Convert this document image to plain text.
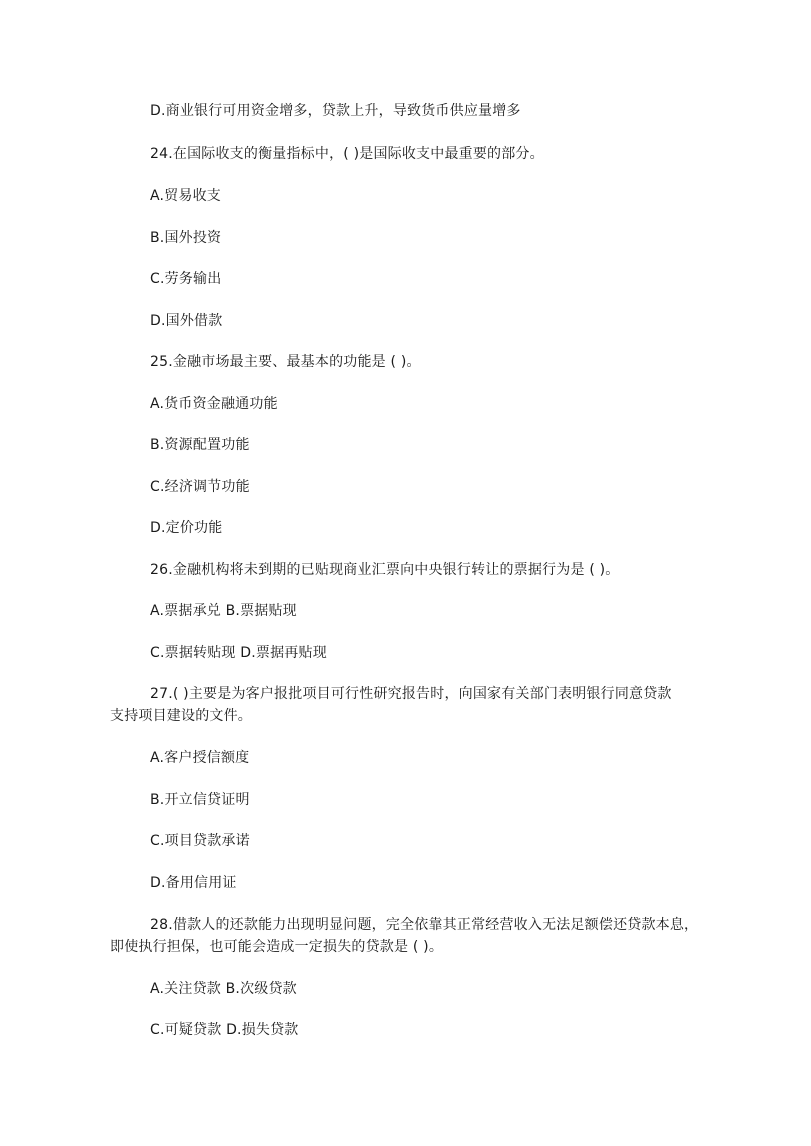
D.商业银行可用资金增多，贷款上升，导致货币供应量增多
24.在国际收支的衡量指标中，( )是国际收支中最重要的部分。
A.贸易收支
B.国外投资
C.劳务输出
D.国外借款
25.金融市场最主要、最基本的功能是 ( )。
A.货币资金融通功能
B.资源配置功能
C.经济调节功能
D.定价功能
26.金融机构将未到期的已贴现商业汇票向中央银行转让的票据行为是 ( )。
A.票据承兑 B.票据贴现
C.票据转贴现 D.票据再贴现
27.( )主要是为客户报批项目可行性研究报告时，向国家有关部门表明银行同意贷款
支持项目建设的文件。
A.客户授信额度
B.开立信贷证明
C.项目贷款承诺
D.备用信用证
28.借款人的还款能力出现明显问题，完全依靠其正常经营收入无法足额偿还贷款本息，
即使执行担保，也可能会造成一定损失的贷款是 ( )。
A.关注贷款 B.次级贷款
C.可疑贷款 D.损失贷款
